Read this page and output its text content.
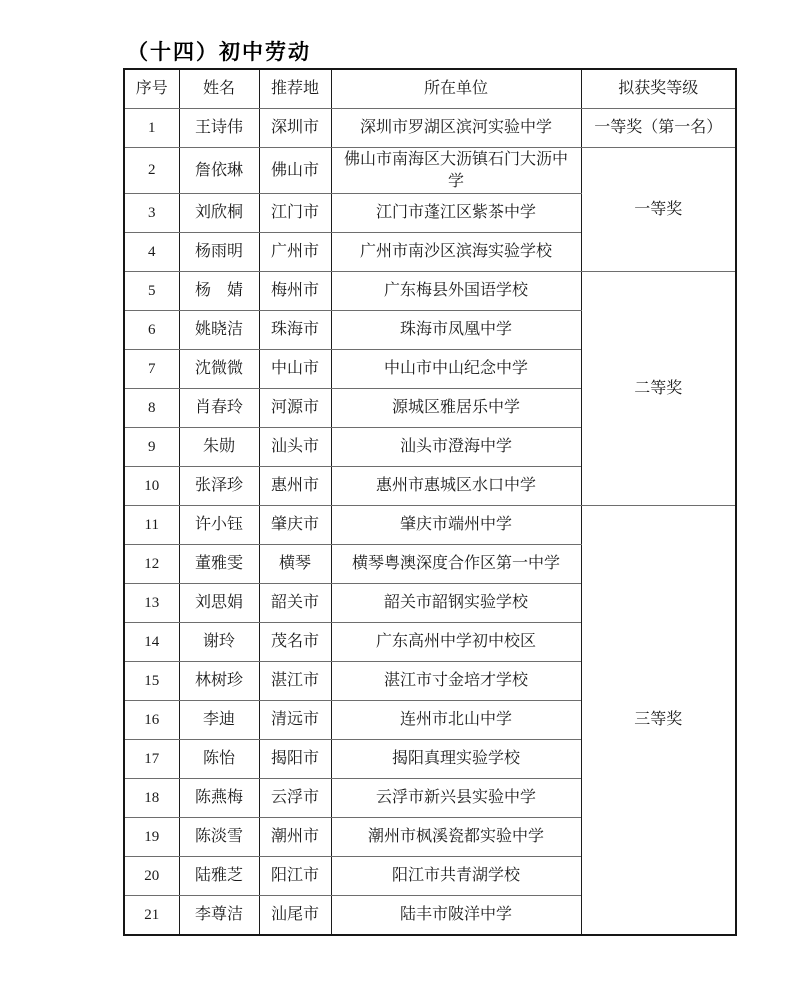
（十四）初中劳动
序号	姓名	推荐地	所在单位	拟获奖等级
1	王诗伟	深圳市	深圳市罗湖区滨河实验中学	一等奖（第一名）
2	詹依琳	佛山市	佛山市南海区大沥镇石门大沥中学	一等奖
3	刘欣桐	江门市	江门市蓬江区紫茶中学	
4	杨雨明	广州市	广州市南沙区滨海实验学校	
5	杨　婧	梅州市	广东梅县外国语学校	二等奖
6	姚晓洁	珠海市	珠海市凤凰中学	
7	沈微微	中山市	中山市中山纪念中学	
8	肖春玲	河源市	源城区雅居乐中学	
9	朱勋	汕头市	汕头市澄海中学	
10	张泽珍	惠州市	惠州市惠城区水口中学	
11	许小钰	肇庆市	肇庆市端州中学	三等奖
12	董雅雯	横琴	横琴粤澳深度合作区第一中学	
13	刘思娟	韶关市	韶关市韶钢实验学校	
14	谢玲	茂名市	广东高州中学初中校区	
15	林树珍	湛江市	湛江市寸金培才学校	
16	李迪	清远市	连州市北山中学	
17	陈怡	揭阳市	揭阳真理实验学校	
18	陈燕梅	云浮市	云浮市新兴县实验中学	
19	陈淡雪	潮州市	潮州市枫溪瓷都实验中学	
20	陆雅芝	阳江市	阳江市共青湖学校	
21	李尊洁	汕尾市	陆丰市陂洋中学	
